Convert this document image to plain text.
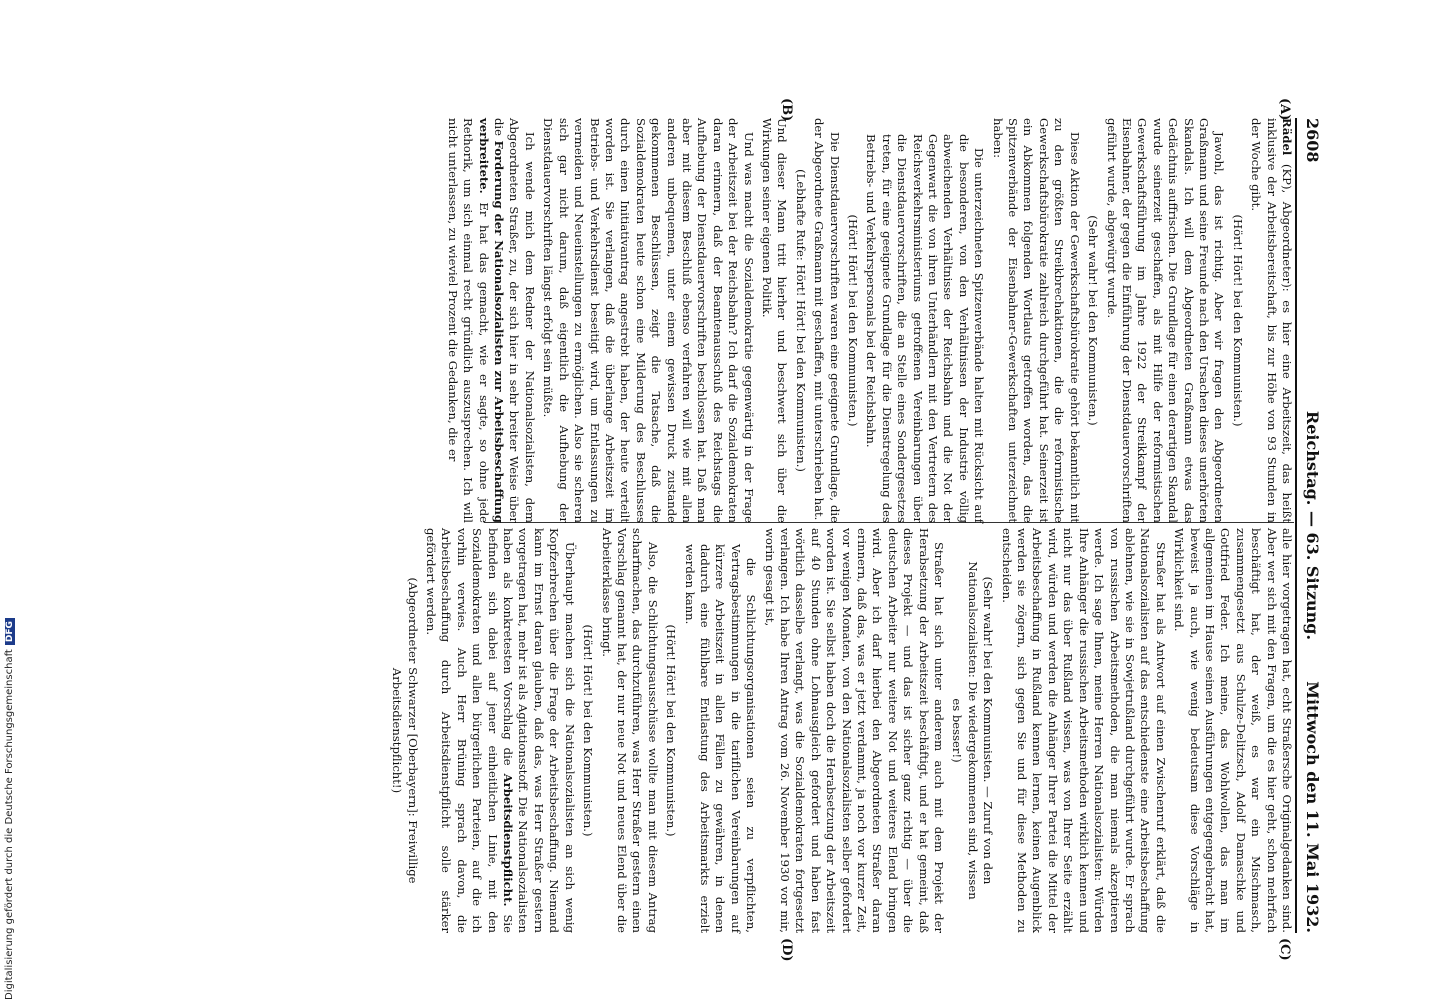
2608
Reichstag. — 63. Sitzung.
Mittwoch den 11. Mai 1932.
(A)
(B)
(C)
(D)

Rädel (KP), Abgeordneter): es hier eine Arbeitszeit, das heißt inklusive der Arbeitsbereitschaft, bis zur Höhe von 93 Stunden in der Woche gibt.

(Hört! Hört! bei den Kommunisten.)

Jawohl, das ist richtig. Aber wir fragen den Abgeordneten Graßmann und seine Freunde nach den Ursachen dieses unerhörten Skandals. Ich will dem Abgeordneten Graßmann etwas das Gedächtnis auffrischen. Die Grundlage für einen derartigen Skandal wurde seinerzeit geschaffen, als mit Hilfe der reformistischen Gewerkschaftsführung im Jahre 1922 der Streikkampf der Eisenbahner, der gegen die Einführung der Dienstdauervorschriften geführt wurde, abgewürgt wurde.

(Sehr wahr! bei den Kommunisten.)

Diese Aktion der Gewerkschaftsbürokratie gehört bekanntlich mit zu den größten Streikbrechaktionen, die die reformistische Gewerkschaftsbürokratie zahlreich durchgeführt hat. Seinerzeit ist ein Abkommen folgenden Wortlauts getroffen worden, das die Spitzenverbände der Eisenbahner-Gewerkschaften unterzeichnet haben:

Die unterzeichneten Spitzenverbände halten mit Rücksicht auf die besonderen, von den Verhältnissen der Industrie völlig abweichenden Verhältnisse der Reichsbahn und die Not der Gegenwart die von ihren Unterhändlern mit den Vertretern des Reichsverkehrsministeriums getroffenen Vereinbarungen über die Dienstdauervorschriften, die an Stelle eines Sondergesetzes treten, für eine geeignete Grundlage für die Dienstregelung des Betriebs- und Verkehrspersonals bei der Reichsbahn.

(Hört! Hört! bei den Kommunisten.)

Die Dienstdauervorschriften waren eine geeignete Grundlage, die der Abgeordnete Graßmann mit geschaffen, mit unterschrieben hat.

(Lebhafte Rufe: Hört! Hört! bei den Kommunisten.)

Und dieser Mann tritt hierher und beschwert sich über die Wirkungen seiner eigenen Politik.

Und was macht die Sozialdemokratie gegenwärtig in der Frage der Arbeitszeit bei der Reichsbahn? Ich darf die Sozialdemokraten daran erinnern, daß der Beamtenausschuß des Reichstags die Aufhebung der Dienstdauervorschriften beschlossen hat. Daß man aber mit diesem Beschluß ebenso verfahren will wie mit allen anderen unbequemen, unter einem gewissen Druck zustande gekommenen Beschlüssen, zeigt die Tatsache, daß die Sozialdemokraten heute schon eine Milderung des Beschlusses durch einen Initiativantrag angestrebt haben, der heute verteilt worden ist. Sie verlangen, daß die überlange Arbeitszeit im Betriebs- und Verkehrsdienst beseitigt wird, um Entlassungen zu vermeiden und Neueinstellungen zu ermöglichen. Also sie scheren sich gar nicht darum, daß eigentlich die Aufhebung der Dienstdauervorschriften längst erfolgt sein müßte.

Ich wende mich dem Redner der Nationalsozialisten, dem Abgeordneten Straßer, zu, der sich hier in sehr breiter Weise über die Forderung der Nationalsozialisten zur Arbeitsbeschaffung verbreitete. Er hat das gemacht, wie er sagte, so ohne jede Rethorik, um sich einmal recht gründlich auszusprechen. Ich will nicht unterlassen, zu wieviel Prozent die Gedanken, die er

alle hier vorgetragen hat, echt Straßersche Originalgedanken sind. Aber wer sich mit den Fragen, um die es hier geht, schon mehrfach beschäftigt hat, der weiß, es war ein Mischmasch, zusammengesetzt aus Schulze-Delitzsch, Adolf Damaschke und Gottfried Feder. Ich meine, das Wohlwollen, das man im allgemeinen im Hause seinen Ausführungen entgegengebracht hat, beweist ja auch, wie wenig bedeutsam diese Vorschläge in Wirklichkeit sind.

Straßer hat als Antwort auf einen Zwischenruf erklärt, daß die Nationalsozialisten auf das entschiedenste eine Arbeitsbeschaffung ablehnen, wie sie in Sowjetrußland durchgeführt wurde. Er sprach von russischen Arbeitsmethoden, die man niemals akzeptieren werde. Ich sage Ihnen, meine Herren Nationalsozialisten: Würden Ihre Anhänger die russischen Arbeitsmethoden wirklich kennen und nicht nur das über Rußland wissen, was von Ihrer Seite erzählt wird, würden und werden die Anhänger Ihrer Partei die Mittel der Arbeitsbeschaffung in Rußland kennen lernen, keinen Augenblick werden sie zögern, sich gegen Sie und für diese Methoden zu entscheiden.

(Sehr wahr! bei den Kommunisten. — Zuruf von den Nationalsozialisten: Die wiedergekommenen sind, wissen es besser!)

Straßer hat sich unter anderem auch mit dem Projekt der Herabsetzung der Arbeitszeit beschäftigt, und er hat gemeint, daß dieses Projekt — und das ist sicher ganz richtig — über die deutschen Arbeiter nur weitere Not und weiteres Elend bringen wird. Aber ich darf hierbei den Abgeordneten Straßer daran erinnern, daß das, was er jetzt verdammt, ja noch vor kurzer Zeit, vor wenigen Monaten, von den Nationalsozialisten selber gefordert worden ist. Sie selbst haben doch die Herabsetzung der Arbeitszeit auf 40 Stunden ohne Lohnausgleich gefordert und haben fast wörtlich dasselbe verlangt, was die Sozialdemokraten fortgesetzt verlangen. Ich habe Ihren Antrag vom 26. November 1930 vor mir, worin gesagt ist,

die Schlichtungsorganisationen seien zu verpflichten, Vertragsbestimmungen in die tariflichen Vereinbarungen auf kürzere Arbeitszeit in allen Fällen zu gewähren, in denen dadurch eine fühlbare Entlastung des Arbeitsmarkts erzielt werden kann.

(Hört! Hört! bei den Kommunisten.)

Also, die Schlichtungsausschüsse wollte man mit diesem Antrag scharfmachen, das durchzuführen, was Herr Straßer gestern einen Vorschlag genannt hat, der nur neue Not und neues Elend über die Arbeiterklasse bringt.

(Hört! Hört! bei den Kommunisten.)

Überhaupt machen sich die Nationalsozialisten an sich wenig Kopfzerbrechen über die Frage der Arbeitsbeschaffung. Niemand kann im Ernst daran glauben, daß das, was Herr Straßer gestern vorgetragen hat, mehr ist als Agitationsstoff. Die Nationalsozialisten haben als konkretesten Vorschlag die Arbeitsdienstpflicht. Sie befinden sich dabei auf jener einheitlichen Linie, mit den Sozialdemokraten und allen bürgerlichen Parteien, auf die ich vorhin verwies. Auch Herr Brüning sprach davon, die Arbeitsbeschaffung durch Arbeitsdienstpflicht solle stärker gefördert werden.

(Abgeordneter Schwarzer [Oberbayern]: Freiwillige Arbeitsdienstpflicht!)

Digitalisierung gefördert durch die Deutsche ForschungsgemeinschaftDFG
